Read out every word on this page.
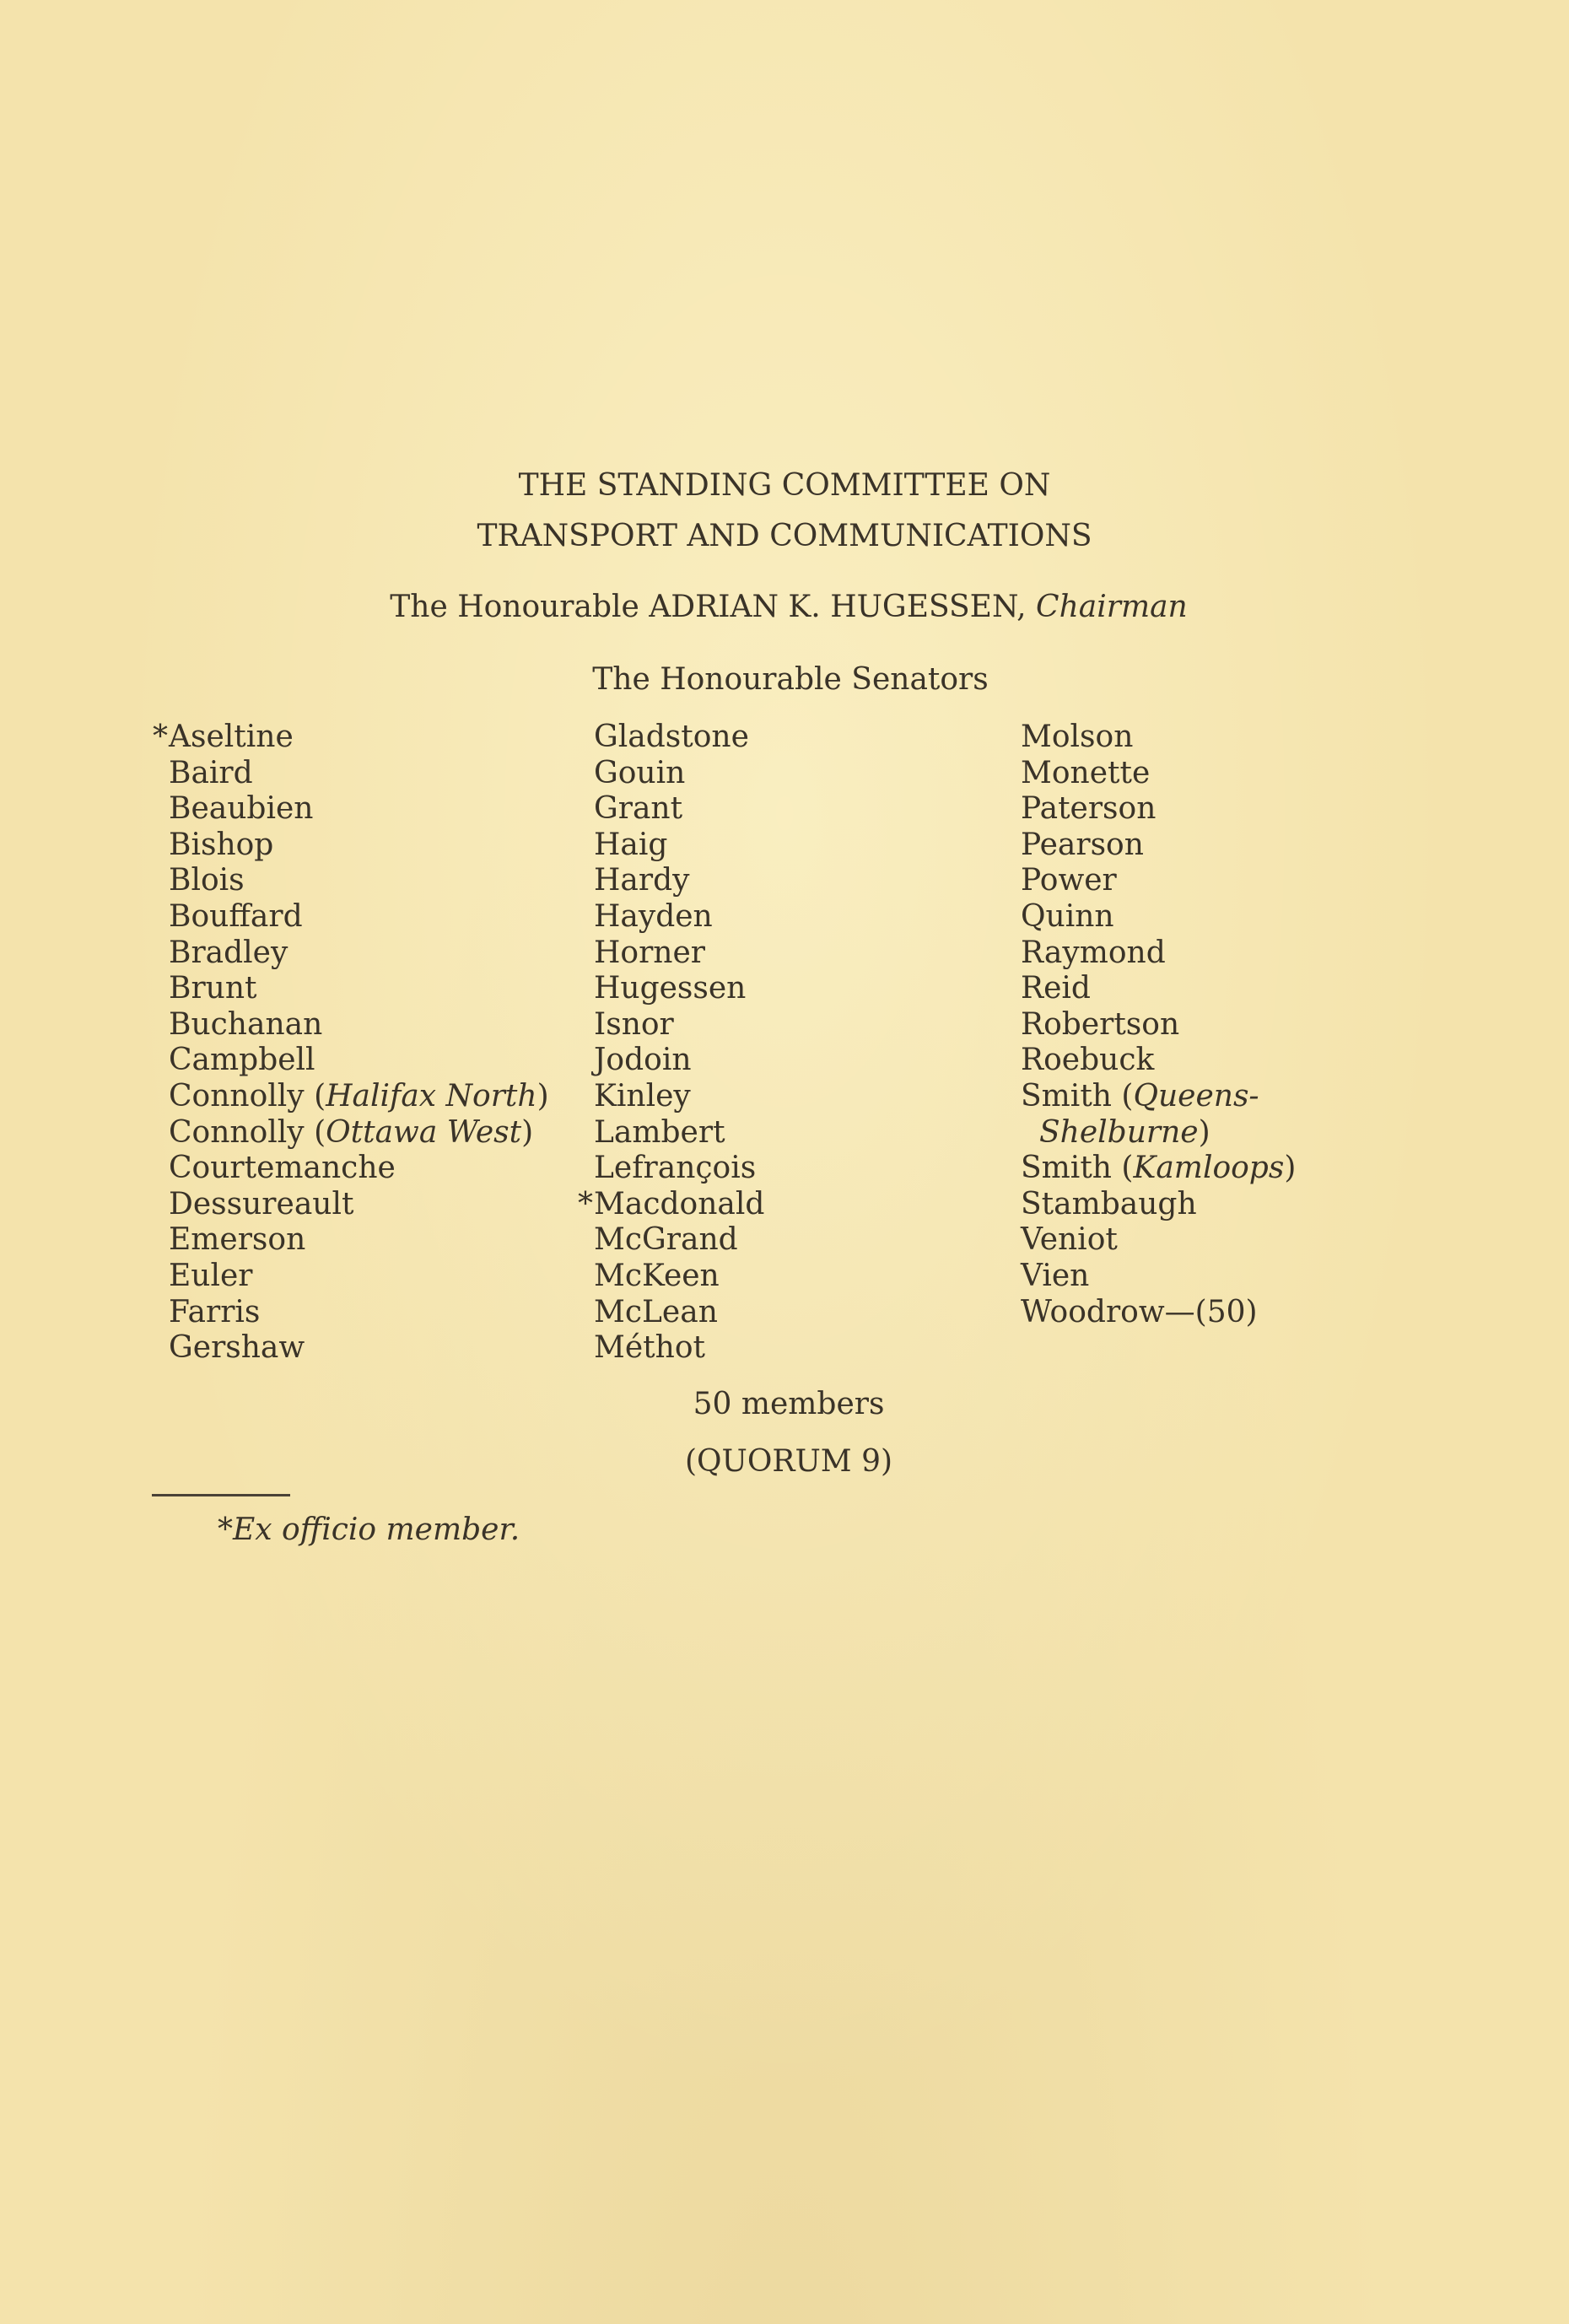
THE STANDING COMMITTEE ON
TRANSPORT AND COMMUNICATIONS
The Honourable ADRIAN K. HUGESSEN, Chairman
The Honourable Senators
* Aseltine
Baird
Beaubien
Bishop
Blois
Bouffard
Bradley
Brunt
Buchanan
Campbell
Connolly (Halifax North)
Connolly (Ottawa West)
Courtemanche
Dessureault
Emerson
Euler
Farris
Gershaw
Gladstone
Gouin
Grant
Haig
Hardy
Hayden
Horner
Hugessen
Isnor
Jodoin
Kinley
Lambert
Lefrançois
* Macdonald
McGrand
McKeen
McLean
Méthot
Molson
Monette
Paterson
Pearson
Power
Quinn
Raymond
Reid
Robertson
Roebuck
Smith (Queens-
Shelburne)
Smith (Kamloops)
Stambaugh
Veniot
Vien
Woodrow—(50)
50 members
(QUORUM 9)
*Ex officio member.
